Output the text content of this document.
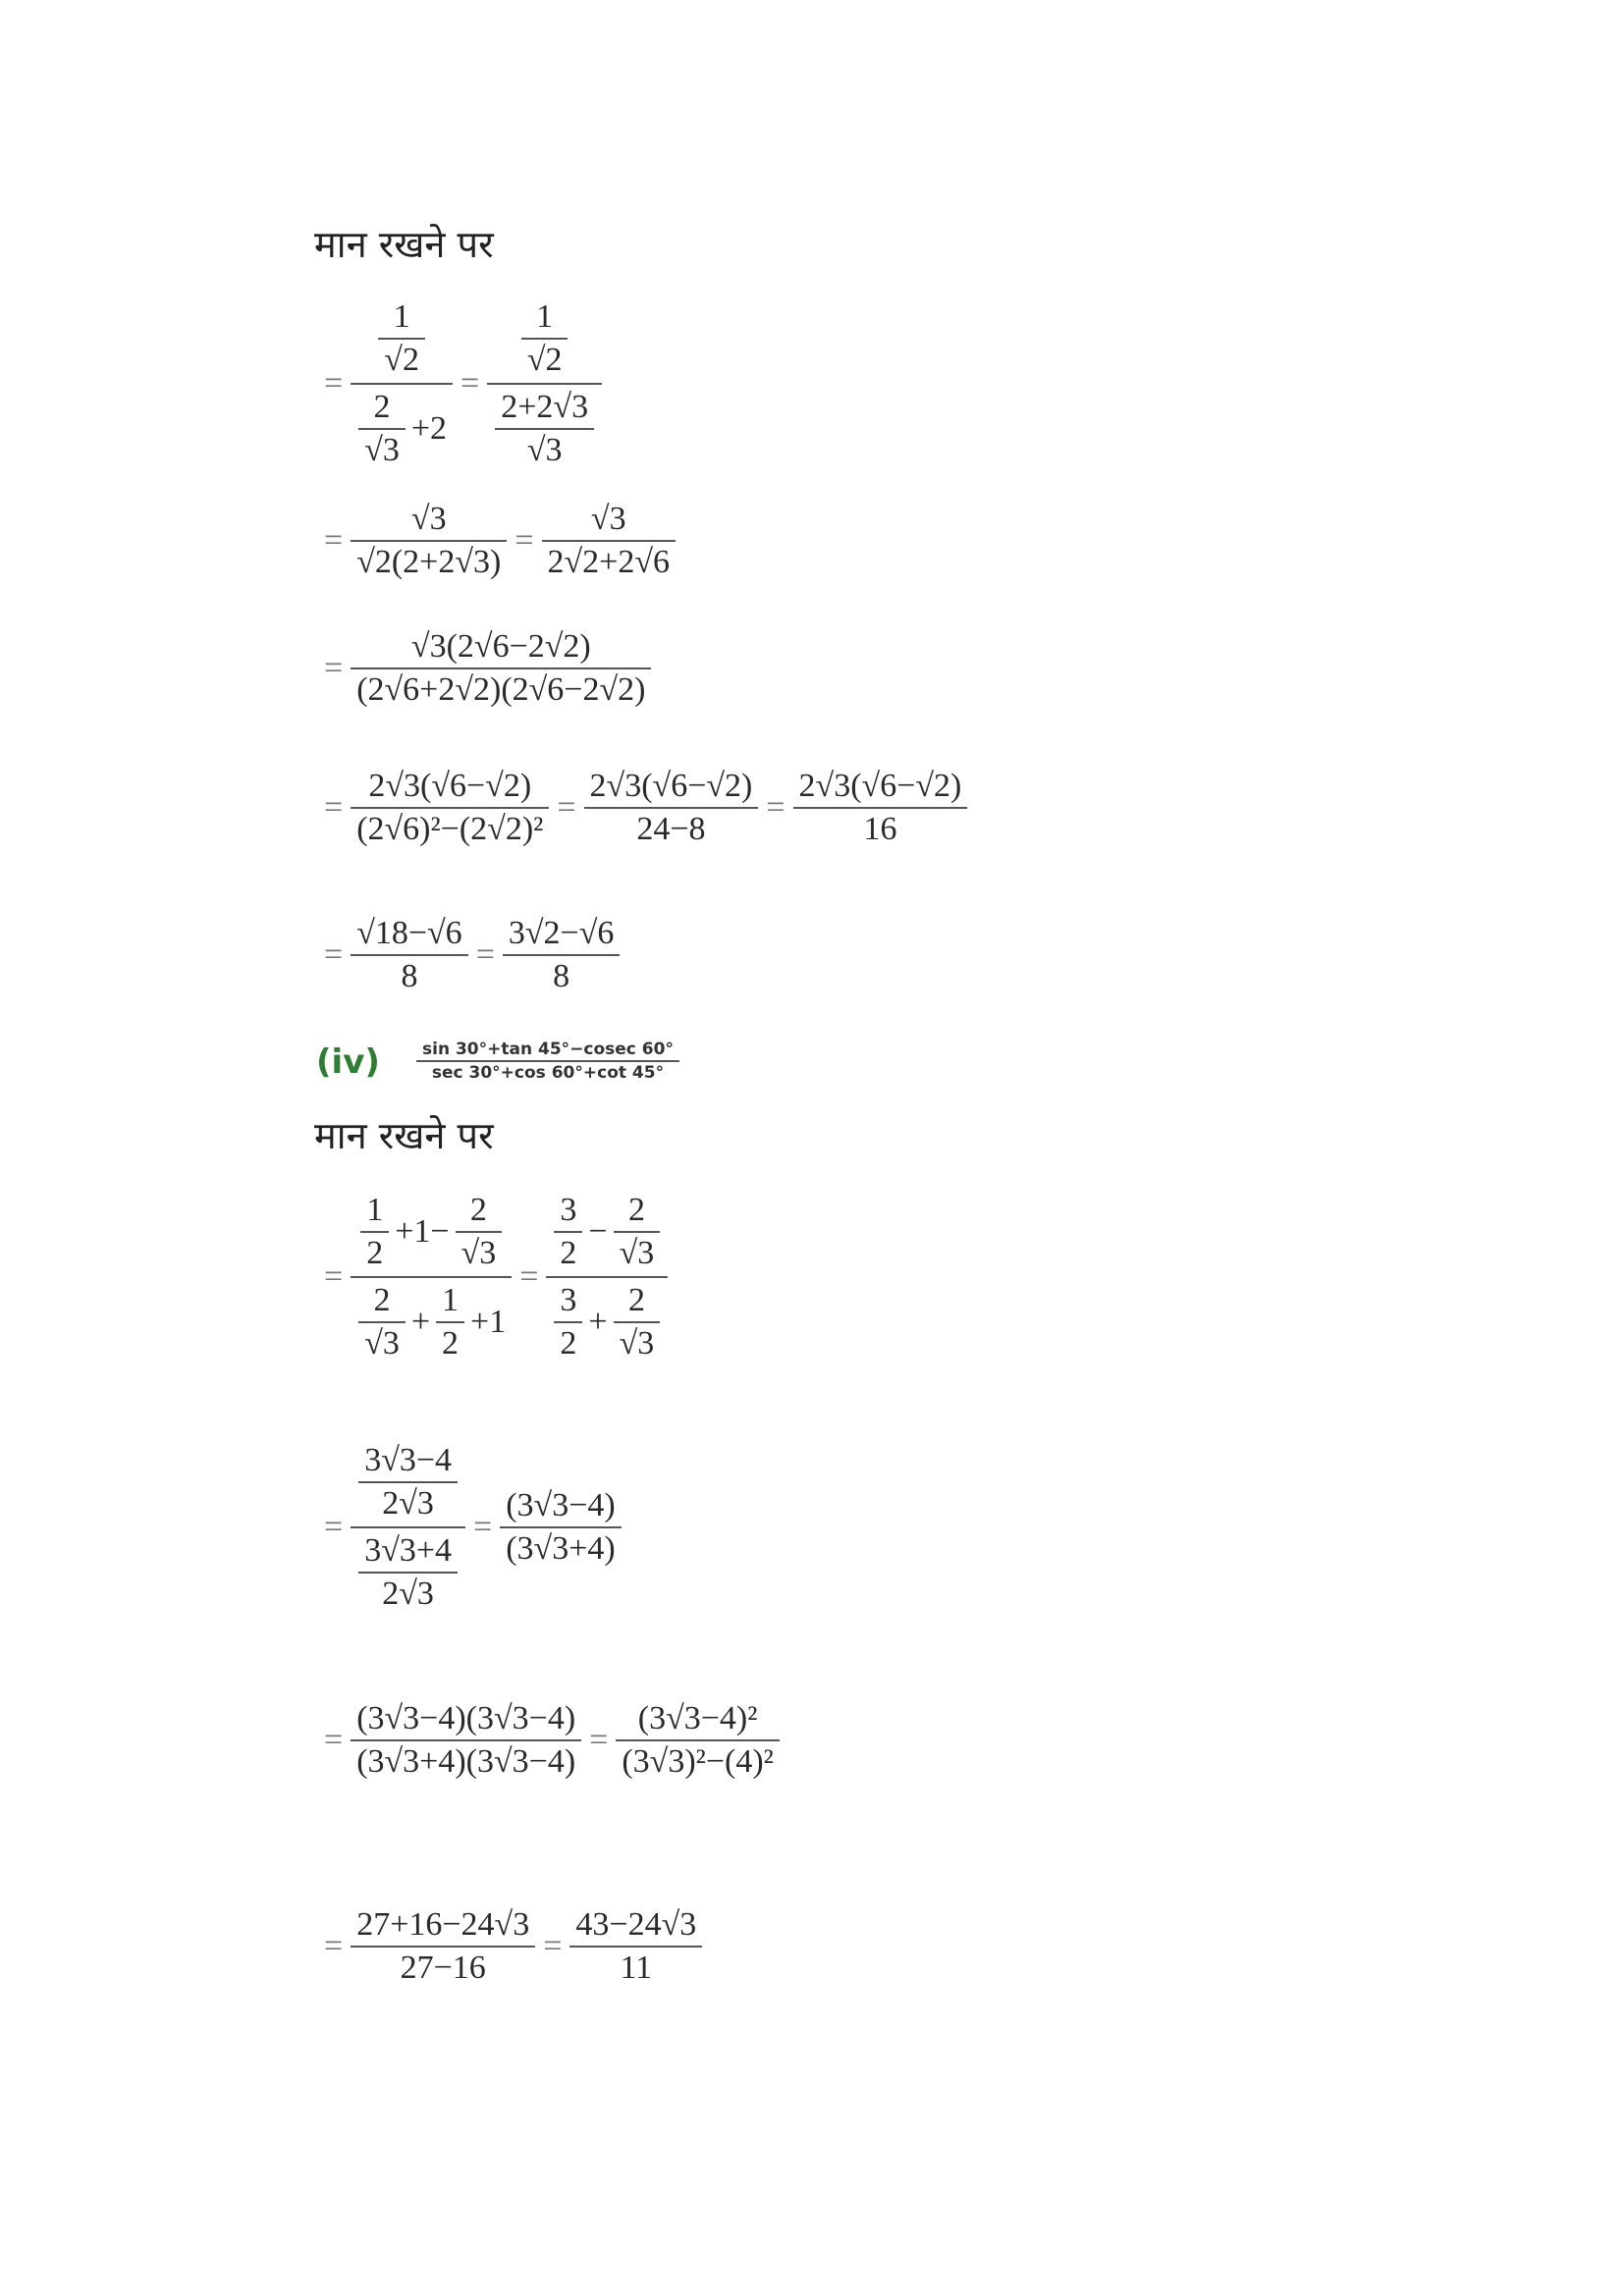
मान रखने पर
= $\frac{\frac{1}{√2}}{\frac{2}{√3} +2} = \frac{\frac{1}{√2}}{\frac{2+2√3}{√3}}$
= $\frac{√3}{√2(2+2√3)} = \frac{√3}{2√2+2√6}$
= $\frac{√3(2√6-2√2)}{(2√6+2√2)(2√6-2√2)}$
= $\frac{2√3(√6-√2)}{\text{(2√6)²−(2√2)²}} = \frac{2√3(√6-√2)}{24-8} = \frac{2√3(√6-√2)}{16}$
= $\frac{√18-√6}{8} = \frac{3√2-√6}{8}$
(iv)	sin 30°+tan 45°−cosec 60°
sec 30°+cos 60°+cot 45°
मान रखने पर
= $\frac{\frac{1}{2} +1- \frac{2}{√3}}{\frac{2}{√3} + \frac{1}{2} +1} = \frac{\frac{3}{2} - \frac{2}{√3}}{\frac{3}{2} + \frac{2}{√3}}$
= $\frac{\frac{3√3-4}{2√3}}{\frac{3√3+4}{2√3}} = \frac{(3√3-4)}{(3√3+4)}$
= $\frac{(3√3-4)(3√3-4)}{(3√3+4)(3√3-4)} = \frac{\text{(3√3−4)²}}{\text{(3√3)²−(4)²}}$
= $\frac{27+16-24√3}{27-16} = \frac{43-24√3}{11}$
